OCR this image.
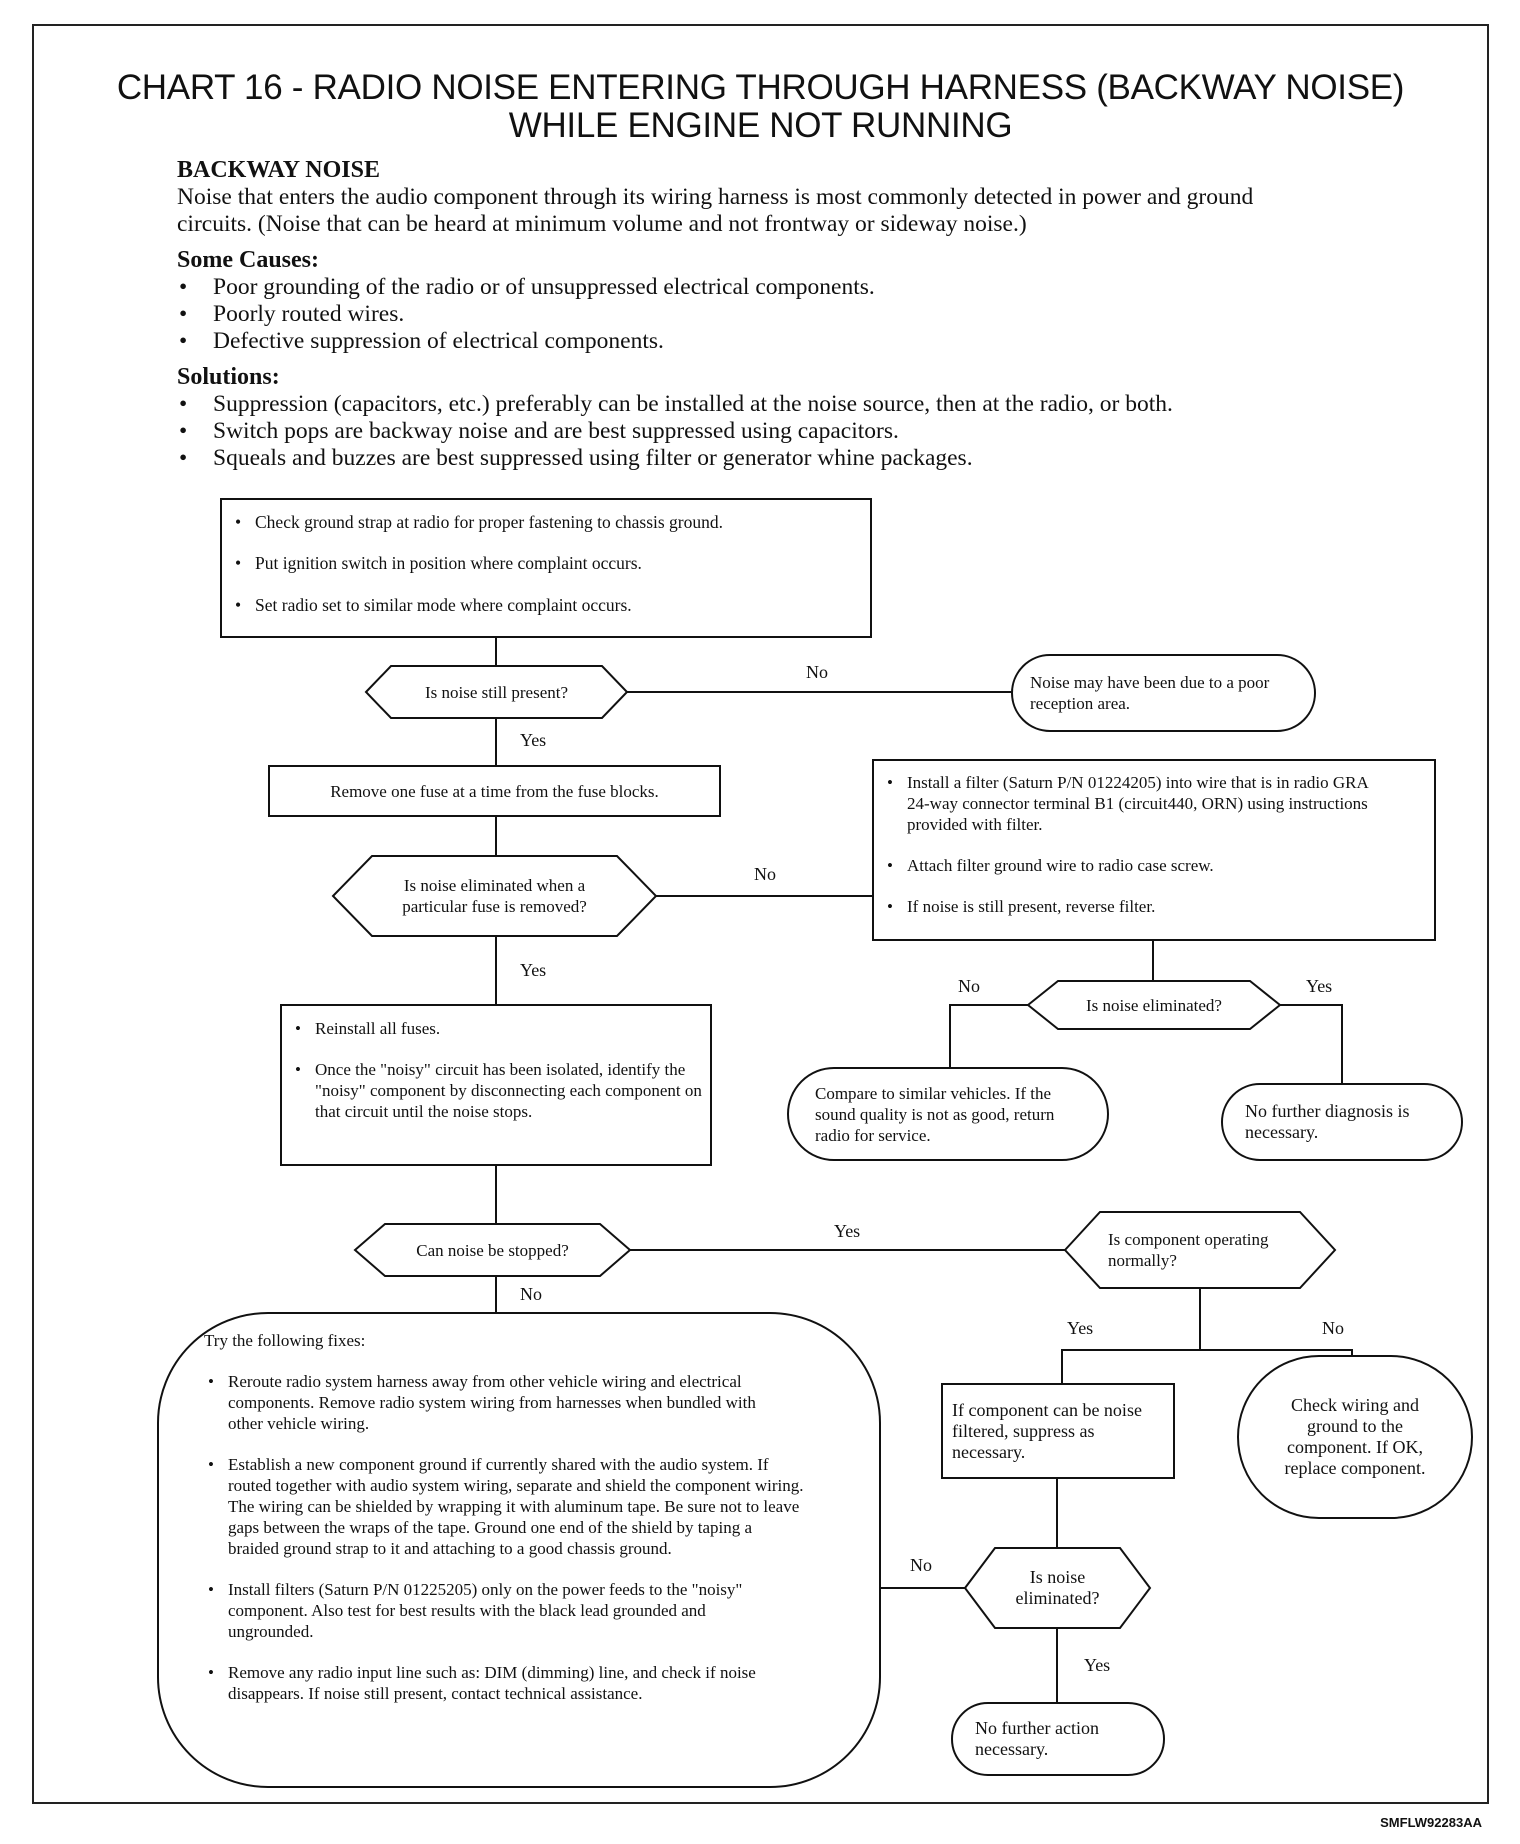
CHART 16 - RADIO NOISE ENTERING THROUGH HARNESS (BACKWAY NOISE)
WHILE ENGINE NOT RUNNING
BACKWAY NOISE
Noise that enters the audio component through its wiring harness is most commonly detected in power and ground circuits. (Noise that can be heard at minimum volume and not frontway or sideway noise.)
Some Causes:
• Poor grounding of the radio or of unsuppressed electrical components.
• Poorly routed wires.
• Defective suppression of electrical components.
Solutions:
• Suppression (capacitors, etc.) preferably can be installed at the noise source, then at the radio, or both.
• Switch pops are backway noise and are best suppressed using capacitors.
• Squeals and buzzes are best suppressed using filter or generator whine packages.
• Check ground strap at radio for proper fastening to chassis ground.
• Put ignition switch in position where complaint occurs.
• Set radio set to similar mode where complaint occurs.
Is noise still present?	Noise may have been due to a poor reception area.
Remove one fuse at a time from the fuse blocks.
•	Install a filter (Saturn P/N 01224205) into wire that is in radio GRA 24-way connector terminal B1 (circuit440, ORN) using instructions provided with filter.
• Attach filter ground wire to radio case screw.
• If noise is still present, reverse filter.
Is noise eliminated when a particular fuse is removed?
Is noise eliminated?
Compare to similar vehicles. If the sound quality is not as good, return radio for service.
No further diagnosis is necessary.
• Reinstall all fuses.
• Once the "noisy" circuit has been isolated, identify the "noisy" component by disconnecting each component on that circuit until the noise stops.
Can noise be stopped?
Is component operating normally?
Try the following fixes:
• Reroute radio system harness away from other vehicle wiring and electrical components. Remove radio system wiring from harnesses when bundled with other vehicle wiring.
• Establish a new component ground if currently shared with the audio system. If routed together with audio system wiring, separate and shield the component wiring. The wiring can be shielded by wrapping it with aluminum tape. Be sure not to leave gaps between the wraps of the tape. Ground one end of the shield by taping a braided ground strap to it and attaching to a good chassis ground.
• Install filters (Saturn P/N 01225205) only on the power feeds to the "noisy" component. Also test for best results with the black lead grounded and ungrounded.
• Remove any radio input line such as: DIM (dimming) line, and check if noise disappears. If noise still present, contact technical assistance.
If component can be noise filtered, suppress as necessary.
Check wiring and ground to the component. If OK, replace component.
Is noise eliminated?
No further action necessary.
No
Yes
No
Yes
No	Yes
Yes
No
Yes	No
No
Yes
SMFLW92283AA
